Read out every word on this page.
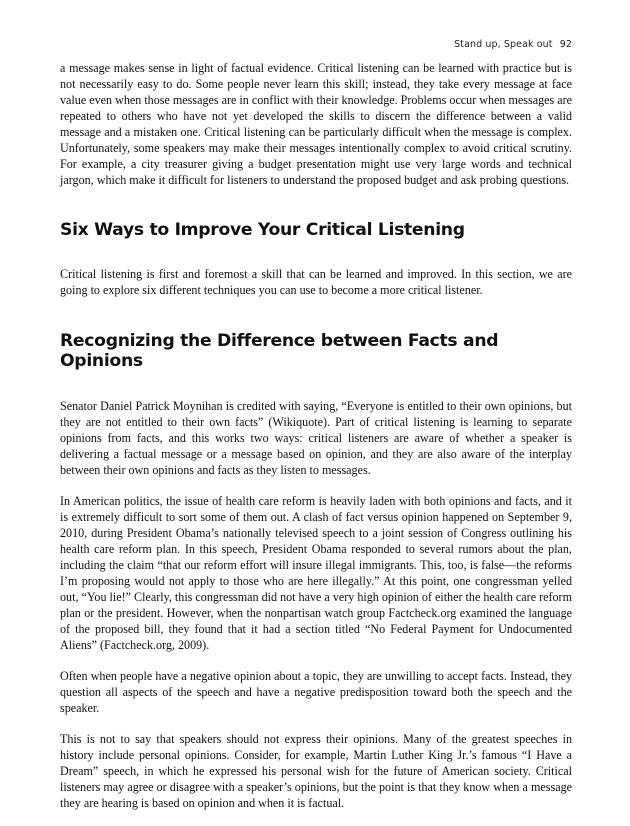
Stand up, Speak out 92

a message makes sense in light of factual evidence. Critical listening can be learned with practice but is not necessarily easy to do. Some people never learn this skill; instead, they take every message at face value even when those messages are in conflict with their knowledge. Problems occur when messages are repeated to others who have not yet developed the skills to discern the difference between a valid message and a mistaken one. Critical listening can be particularly difficult when the message is complex. Unfortunately, some speakers may make their messages intentionally complex to avoid critical scrutiny. For example, a city treasurer giving a budget presentation might use very large words and technical jargon, which make it difficult for listeners to understand the proposed budget and ask probing questions.

Six Ways to Improve Your Critical Listening

Critical listening is first and foremost a skill that can be learned and improved. In this section, we are going to explore six different techniques you can use to become a more critical listener.

Recognizing the Difference between Facts and Opinions

Senator Daniel Patrick Moynihan is credited with saying, “Everyone is entitled to their own opinions, but they are not entitled to their own facts” (Wikiquote). Part of critical listening is learning to separate opinions from facts, and this works two ways: critical listeners are aware of whether a speaker is delivering a factual message or a message based on opinion, and they are also aware of the interplay between their own opinions and facts as they listen to messages.

In American politics, the issue of health care reform is heavily laden with both opinions and facts, and it is extremely difficult to sort some of them out. A clash of fact versus opinion happened on September 9, 2010, during President Obama’s nationally televised speech to a joint session of Congress outlining his health care reform plan. In this speech, President Obama responded to several rumors about the plan, including the claim “that our reform effort will insure illegal immigrants. This, too, is false—the reforms I’m proposing would not apply to those who are here illegally.” At this point, one congressman yelled out, “You lie!” Clearly, this congressman did not have a very high opinion of either the health care reform plan or the president. However, when the nonpartisan watch group Factcheck.org examined the language of the proposed bill, they found that it had a section titled “No Federal Payment for Undocumented Aliens” (Factcheck.org, 2009).

Often when people have a negative opinion about a topic, they are unwilling to accept facts. Instead, they question all aspects of the speech and have a negative predisposition toward both the speech and the speaker.

This is not to say that speakers should not express their opinions. Many of the greatest speeches in history include personal opinions. Consider, for example, Martin Luther King Jr.’s famous “I Have a Dream” speech, in which he expressed his personal wish for the future of American society. Critical listeners may agree or disagree with a speaker’s opinions, but the point is that they know when a message they are hearing is based on opinion and when it is factual.
